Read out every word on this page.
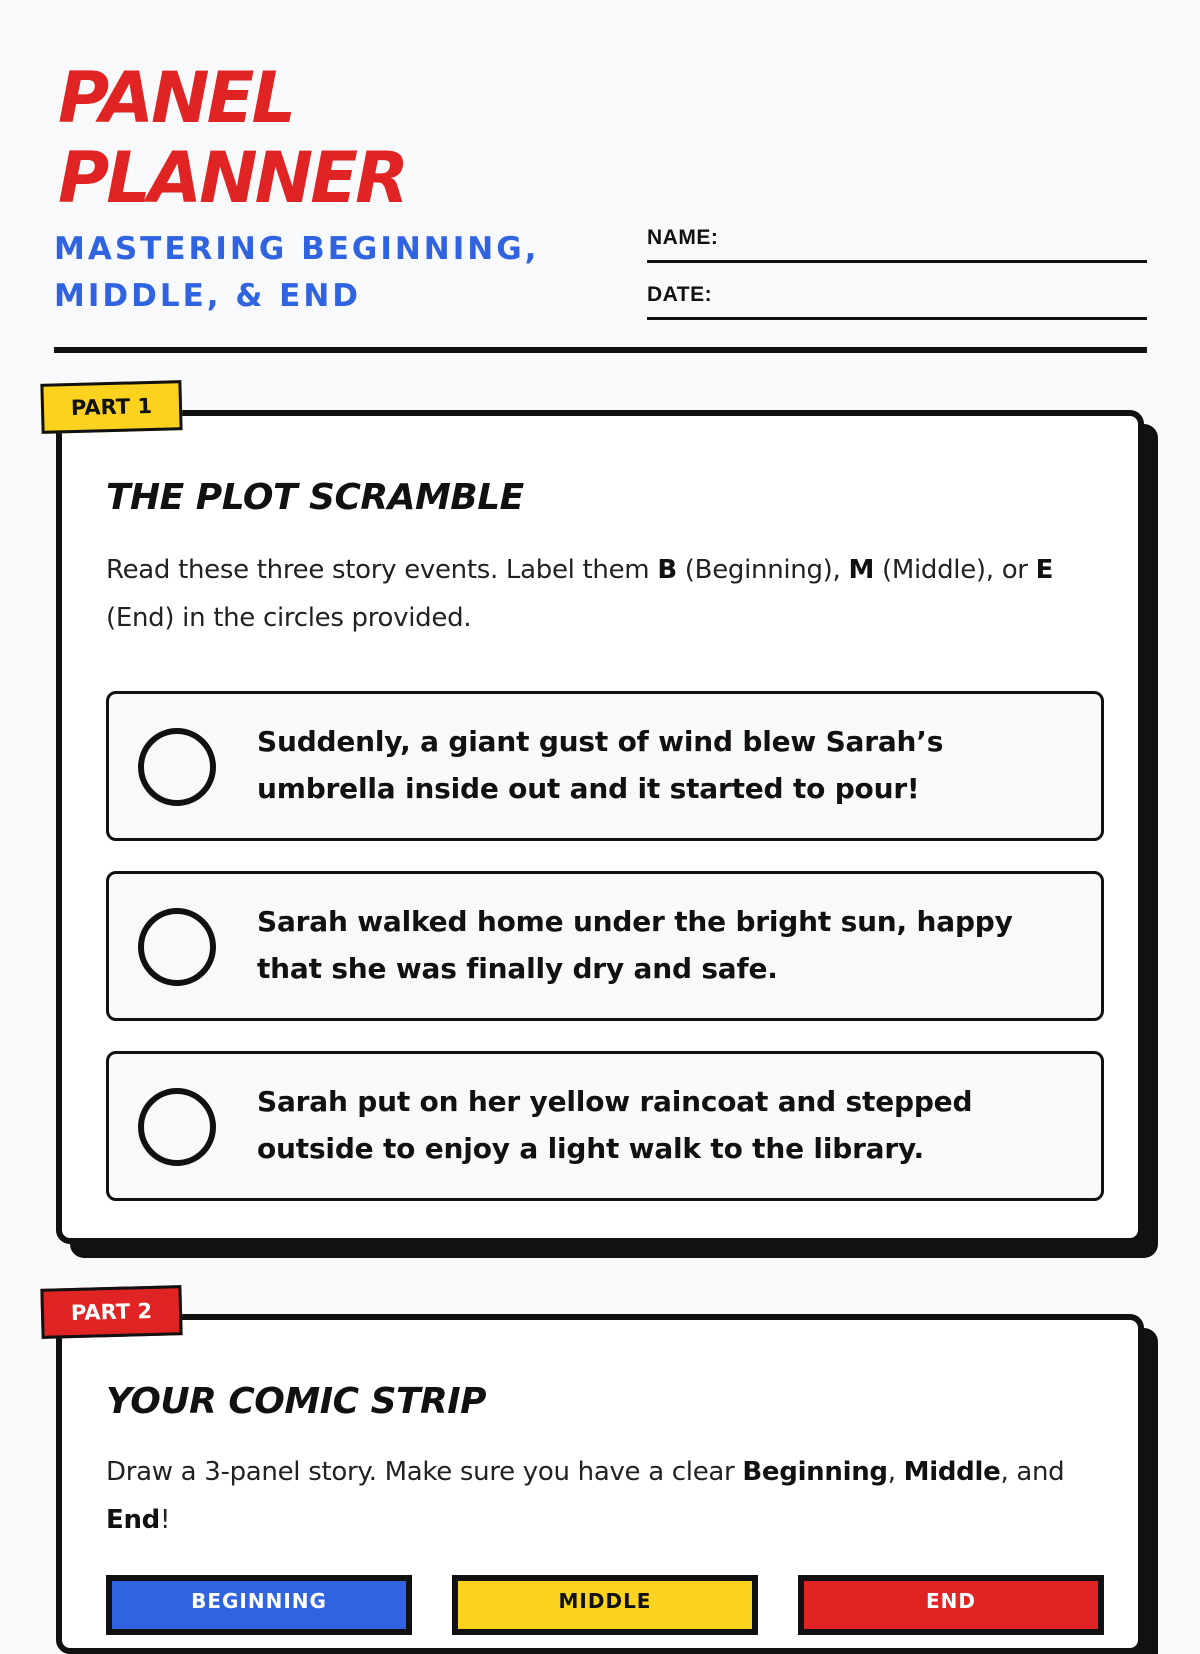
PANEL
PLANNER
MASTERING BEGINNING,
MIDDLE, & END
NAME:
DATE:
PART 1
THE PLOT SCRAMBLE

Read these three story events. Label them B (Beginning), M (Middle), or E (End) in the circles provided.

Suddenly, a giant gust of wind blew Sarah’s umbrella inside out and it started to pour!
Sarah walked home under the bright sun, happy that she was finally dry and safe.
Sarah put on her yellow raincoat and stepped outside to enjoy a light walk to the library.
PART 2
YOUR COMIC STRIP

Draw a 3-panel story. Make sure you have a clear Beginning, Middle, and End!

BEGINNING	MIDDLE	END
